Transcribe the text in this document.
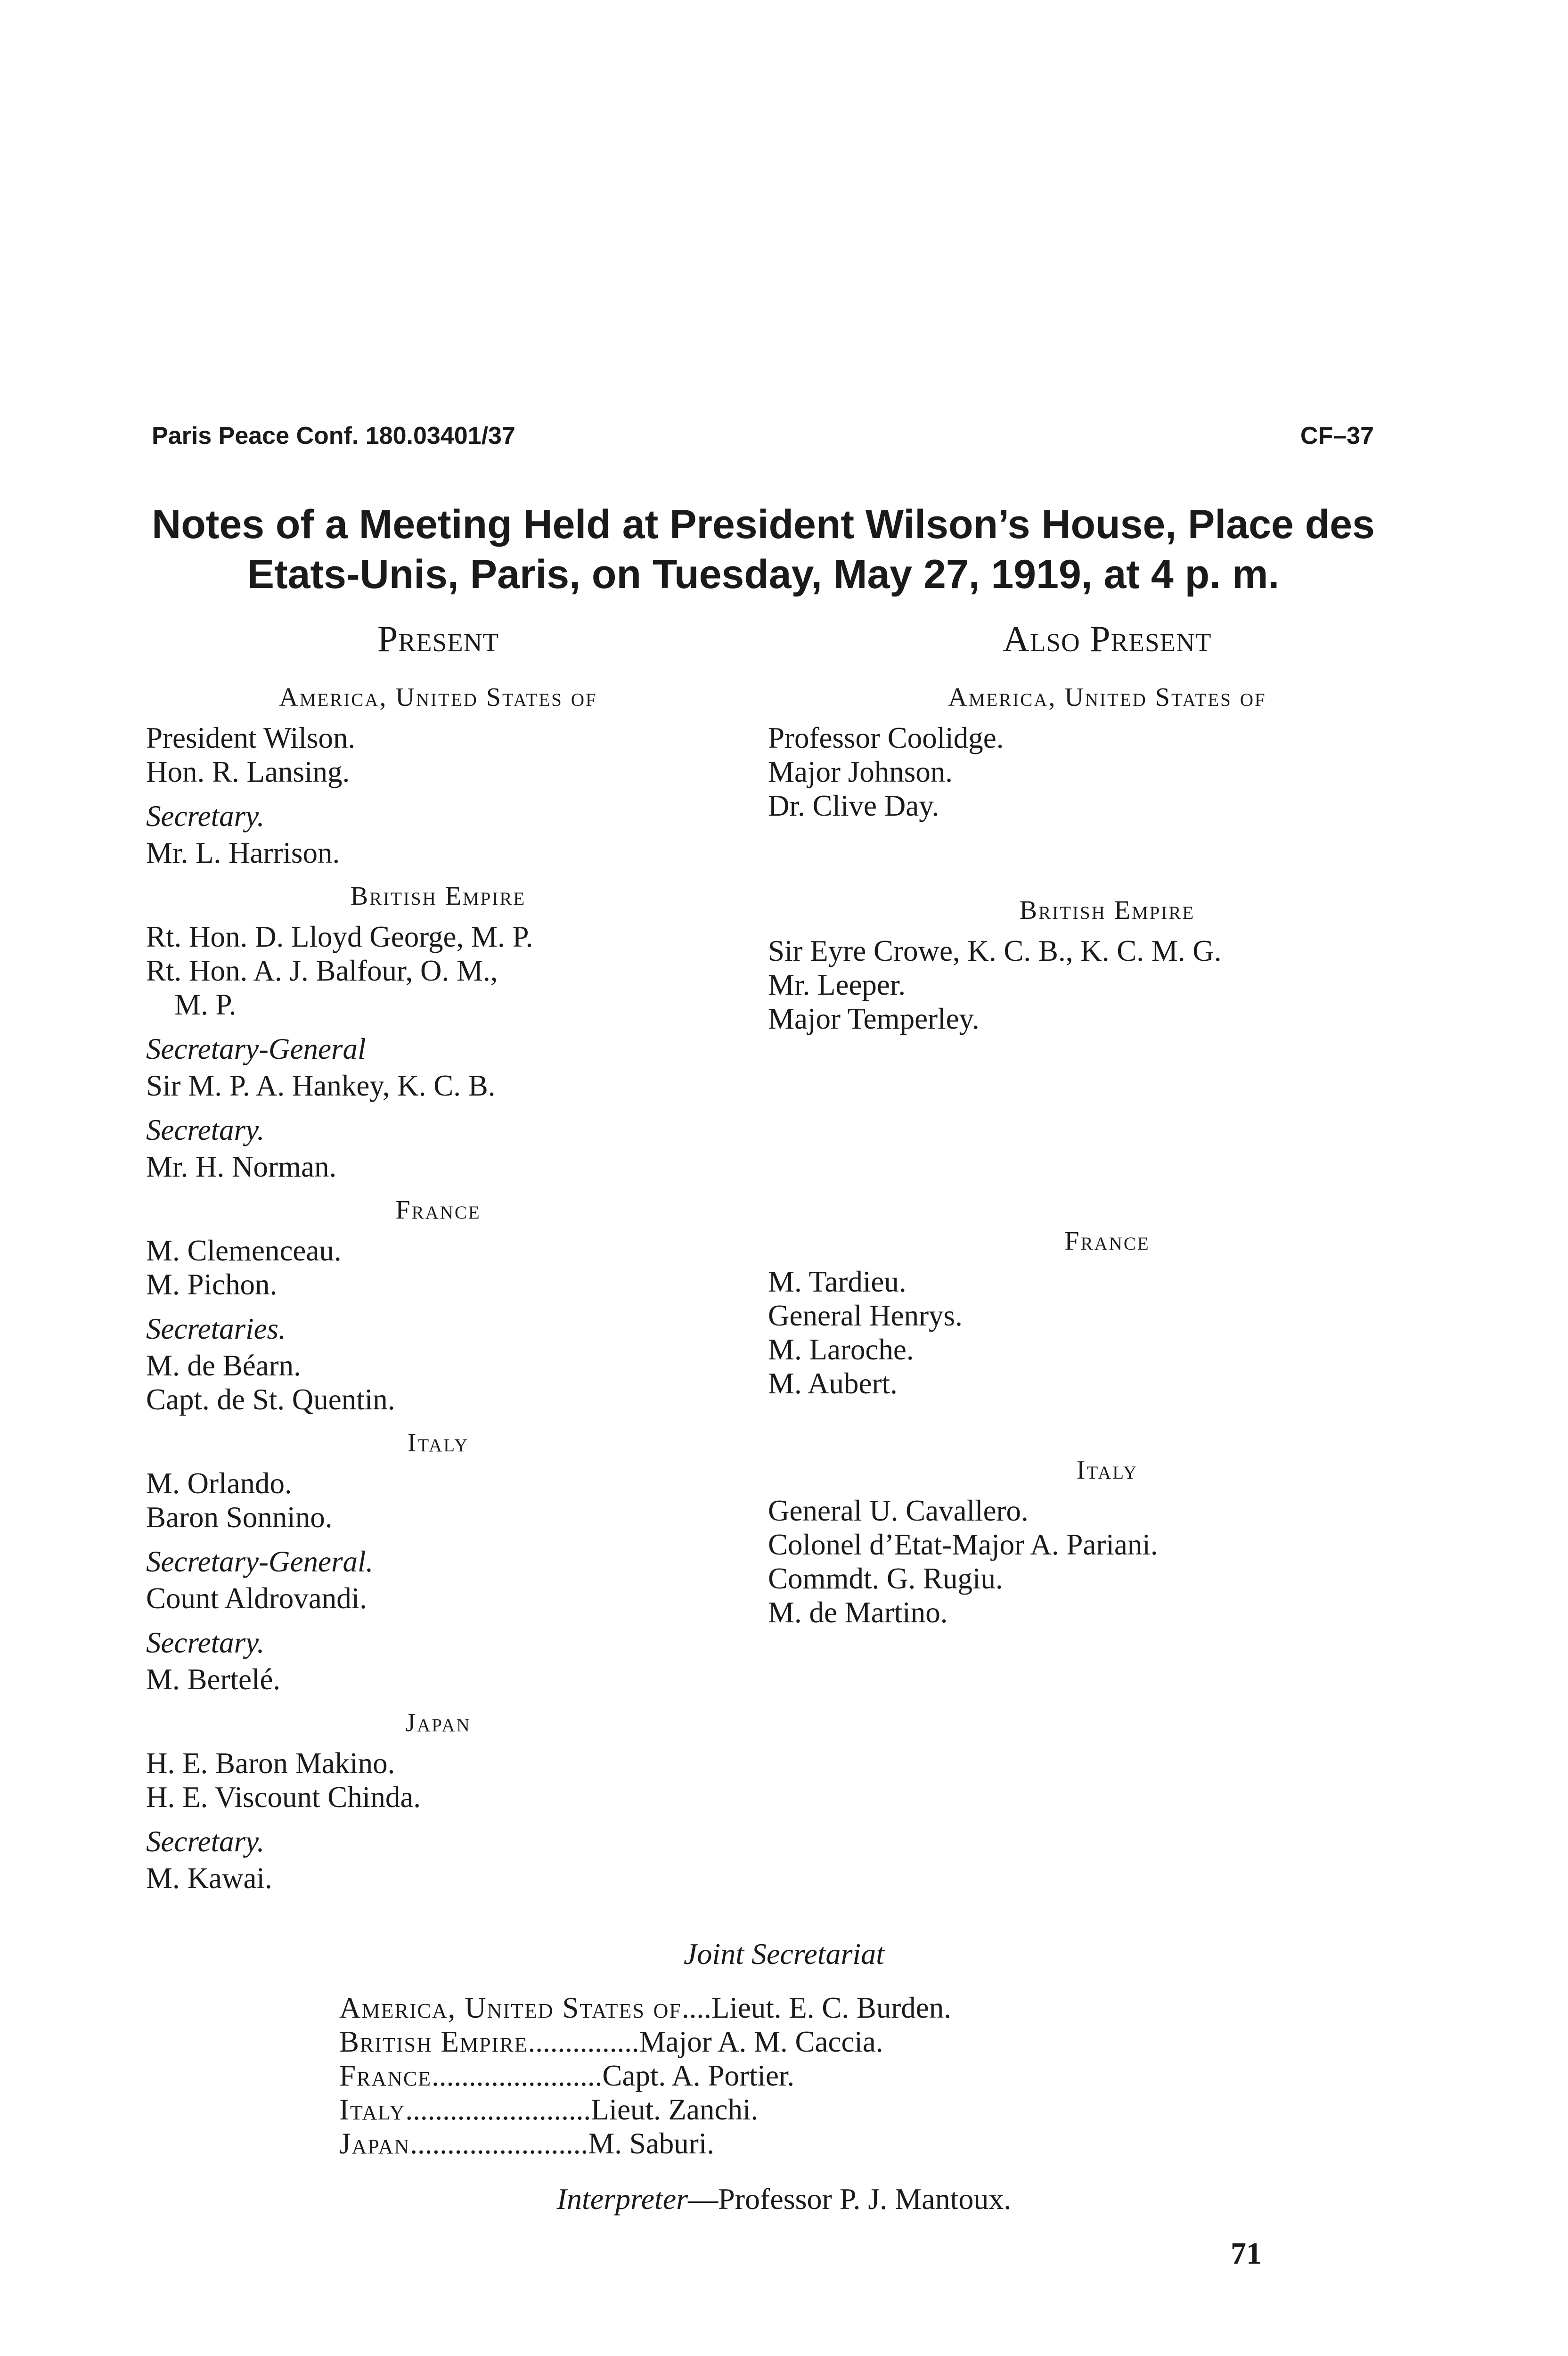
Paris Peace Conf. 180.03401/37	CF–37
Notes of a Meeting Held at President Wilson’s House, Place des
Etats-Unis, Paris, on Tuesday, May 27, 1919, at 4 p. m.
Present
America, United States of
President Wilson.
Hon. R. Lansing.
Secretary.
Mr. L. Harrison.
British Empire
Rt. Hon. D. Lloyd George, M. P.
Rt. Hon. A. J. Balfour, O. M.,
M. P.
Secretary-General
Sir M. P. A. Hankey, K. C. B.
Secretary.
Mr. H. Norman.
France
M. Clemenceau.
M. Pichon.
Secretaries.
M. de Béarn.
Capt. de St. Quentin.
Italy
M. Orlando.
Baron Sonnino.
Secretary-General.
Count Aldrovandi.
Secretary.
M. Bertelé.
Japan
H. E. Baron Makino.
H. E. Viscount Chinda.
Secretary.
M. Kawai.
Also Present
America, United States of
Professor Coolidge.
Major Johnson.
Dr. Clive Day.
British Empire
Sir Eyre Crowe, K. C. B., K. C. M. G.
Mr. Leeper.
Major Temperley.
France
M. Tardieu.
General Henrys.
M. Laroche.
M. Aubert.
Italy
General U. Cavallero.
Colonel d’Etat-Major A. Pariani.
Commdt. G. Rugiu.
M. de Martino.
Joint Secretariat
America, United States of .... Lieut. E. C. Burden.
British Empire ............... Major A. M. Caccia.
France ....................... Capt. A. Portier.
Italy ......................... Lieut. Zanchi.
Japan ........................ M. Saburi.
Interpreter—Professor P. J. Mantoux.
71
